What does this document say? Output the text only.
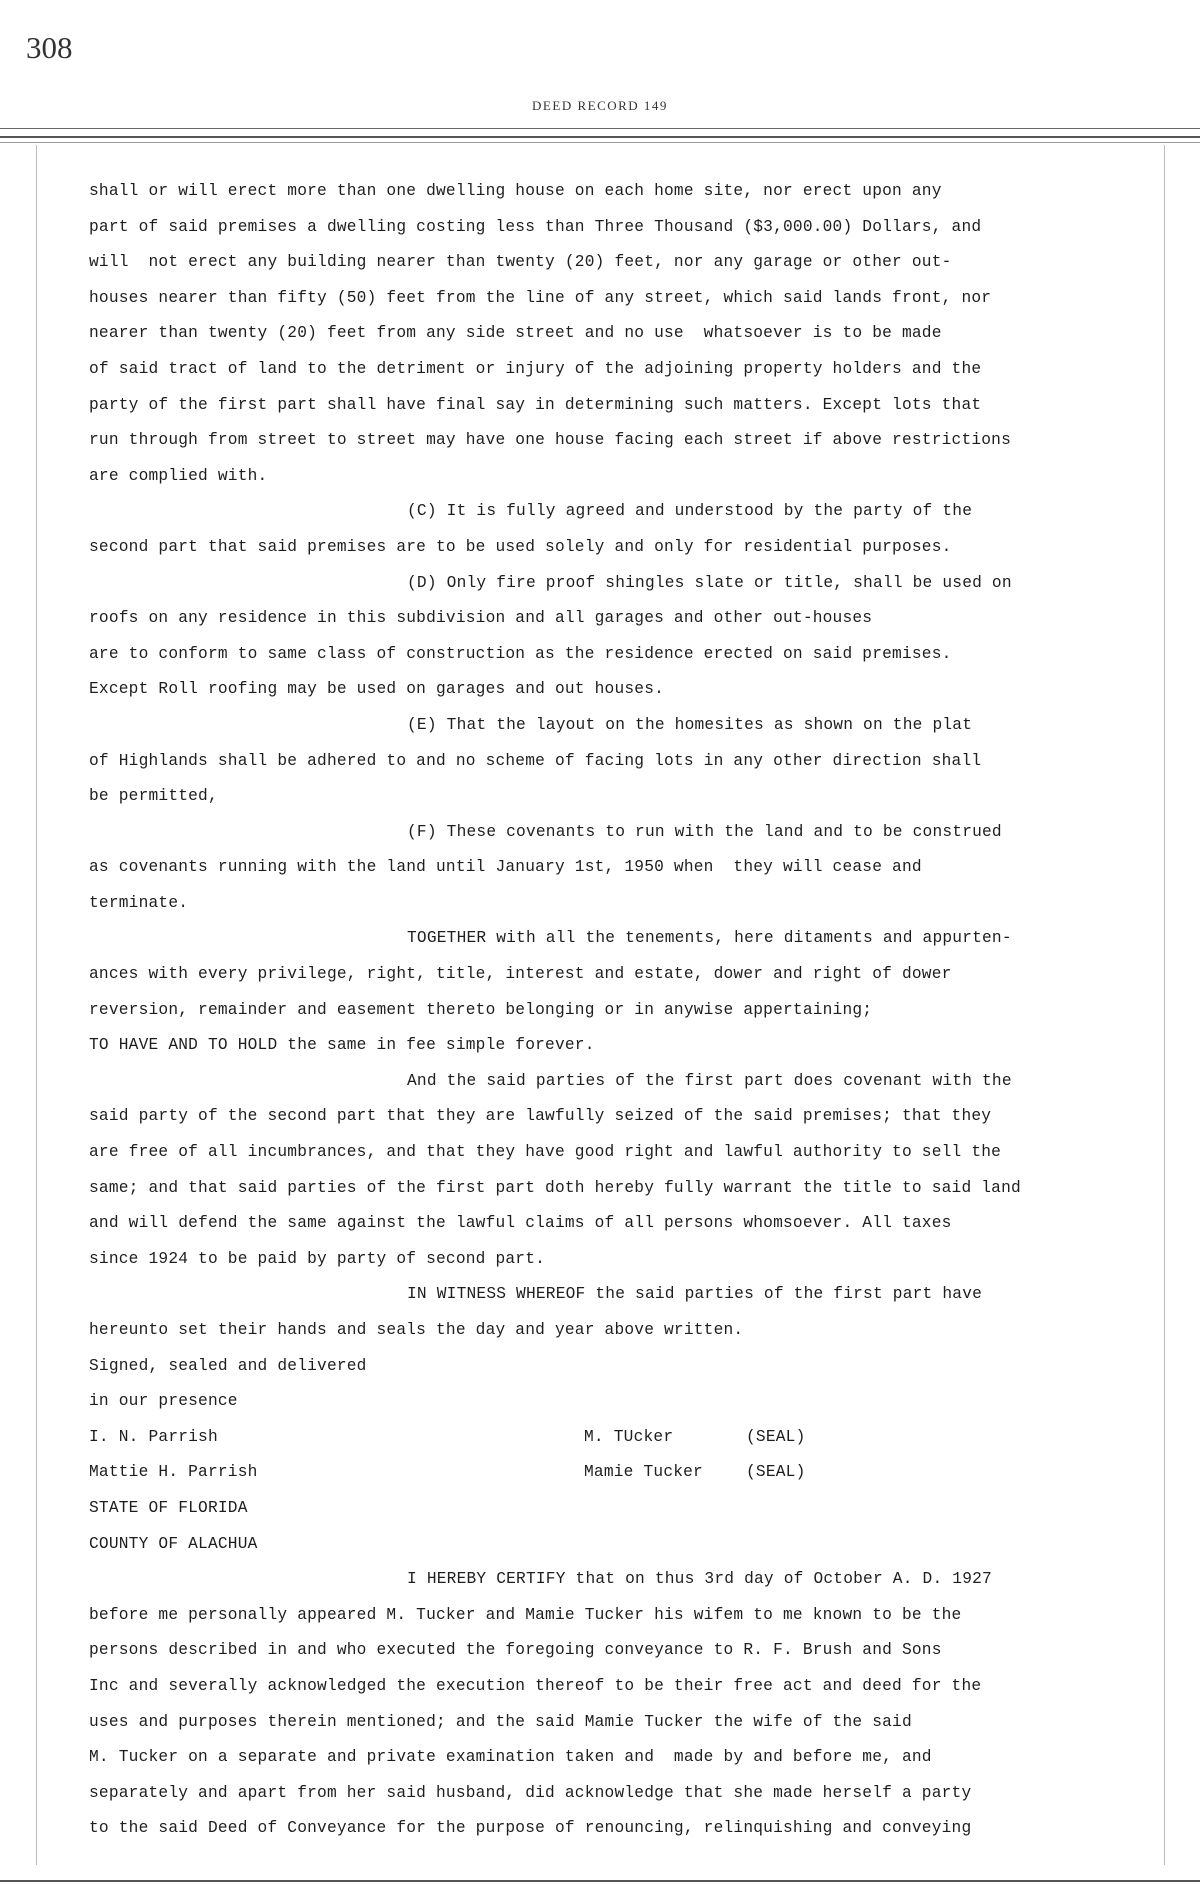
308
DEED RECORD 149
shall or will erect more than one dwelling house on each home site, nor erect upon any
part of said premises a dwelling costing less than Three Thousand ($3,000.00) Dollars, and
will  not erect any building nearer than twenty (20) feet, nor any garage or other out-
houses nearer than fifty (50) feet from the line of any street, which said lands front, nor
nearer than twenty (20) feet from any side street and no use  whatsoever is to be made
of said tract of land to the detriment or injury of the adjoining property holders and the
party of the first part shall have final say in determining such matters. Except lots that
run through from street to street may have one house facing each street if above restrictions
are complied with.
(C) It is fully agreed and understood by the party of the
second part that said premises are to be used solely and only for residential purposes.
(D) Only fire proof shingles slate or title, shall be used on
roofs on any residence in this subdivision and all garages and other out-houses
are to conform to same class of construction as the residence erected on said premises.
Except Roll roofing may be used on garages and out houses.
(E) That the layout on the homesites as shown on the plat
of Highlands shall be adhered to and no scheme of facing lots in any other direction shall
be permitted,
(F) These covenants to run with the land and to be construed
as covenants running with the land until January 1st, 1950 when  they will cease and
terminate.
TOGETHER with all the tenements, here ditaments and appurten-
ances with every privilege, right, title, interest and estate, dower and right of dower
reversion, remainder and easement thereto belonging or in anywise appertaining;
TO HAVE AND TO HOLD the same in fee simple forever.
And the said parties of the first part does covenant with the
said party of the second part that they are lawfully seized of the said premises; that they
are free of all incumbrances, and that they have good right and lawful authority to sell the
same; and that said parties of the first part doth hereby fully warrant the title to said land
and will defend the same against the lawful claims of all persons whomsoever. All taxes
since 1924 to be paid by party of second part.
IN WITNESS WHEREOF the said parties of the first part have
hereunto set their hands and seals the day and year above written.
Signed, sealed and delivered
in our presence
I. N. Parrish	M. TUcker	(SEAL)
Mattie H. Parrish	Mamie Tucker	(SEAL)
STATE OF FLORIDA
COUNTY OF ALACHUA
I HEREBY CERTIFY that on thus 3rd day of October A. D. 1927
before me personally appeared M. Tucker and Mamie Tucker his wifem to me known to be the
persons described in and who executed the foregoing conveyance to R. F. Brush and Sons
Inc and severally acknowledged the execution thereof to be their free act and deed for the
uses and purposes therein mentioned; and the said Mamie Tucker the wife of the said
M. Tucker on a separate and private examination taken and  made by and before me, and
separately and apart from her said husband, did acknowledge that she made herself a party
to the said Deed of Conveyance for the purpose of renouncing, relinquishing and conveying
